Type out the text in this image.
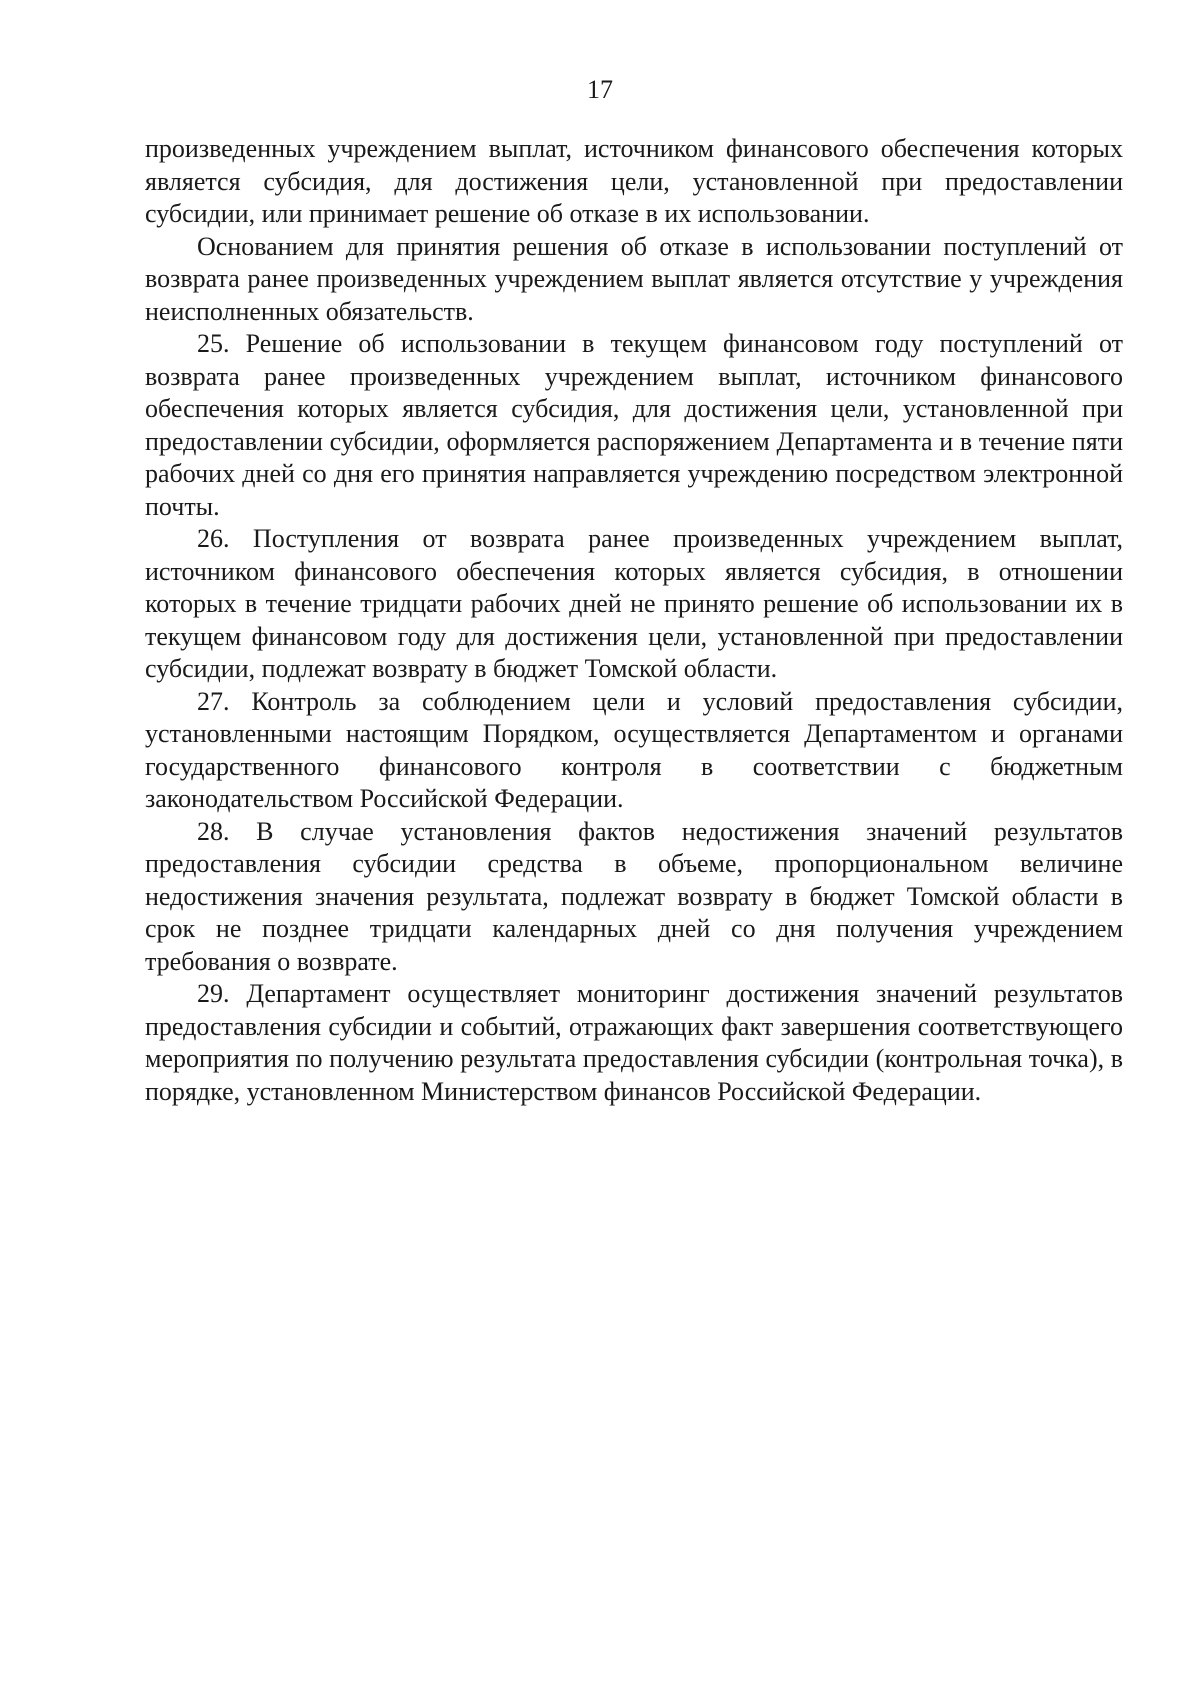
17

произведенных учреждением выплат, источником финансового обеспечения которых является субсидия, для достижения цели, установленной при предоставлении субсидии, или принимает решение об отказе в их использовании.

Основанием для принятия решения об отказе в использовании поступлений от возврата ранее произведенных учреждением выплат является отсутствие у учреждения неисполненных обязательств.

25. Решение об использовании в текущем финансовом году поступлений от возврата ранее произведенных учреждением выплат, источником финансового обеспечения которых является субсидия, для достижения цели, установленной при предоставлении субсидии, оформляется распоряжением Департамента и в течение пяти рабочих дней со дня его принятия направляется учреждению посредством электронной почты.

26. Поступления от возврата ранее произведенных учреждением выплат, источником финансового обеспечения которых является субсидия, в отношении которых в течение тридцати рабочих дней не принято решение об использовании их в текущем финансовом году для достижения цели, установленной при предоставлении субсидии, подлежат возврату в бюджет Томской области.

27. Контроль за соблюдением цели и условий предоставления субсидии, установленными настоящим Порядком, осуществляется Департаментом и органами государственного финансового контроля в соответствии с бюджетным законодательством Российской Федерации.

28. В случае установления фактов недостижения значений результатов предоставления субсидии средства в объеме, пропорциональном величине недостижения значения результата, подлежат возврату в бюджет Томской области в срок не позднее тридцати календарных дней со дня получения учреждением требования о возврате.

29. Департамент осуществляет мониторинг достижения значений результатов предоставления субсидии и событий, отражающих факт завершения соответствующего мероприятия по получению результата предоставления субсидии (контрольная точка), в порядке, установленном Министерством финансов Российской Федерации.
